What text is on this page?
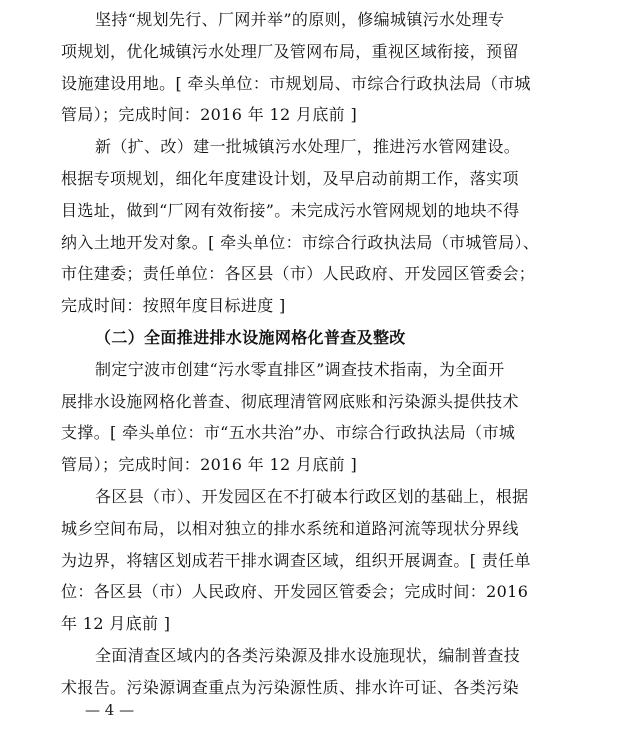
坚持“规划先行、厂网并举”的原则，修编城镇污水处理专
项规划，优化城镇污水处理厂及管网布局，重视区域衔接，预留
设施建设用地。[ 牵头单位：市规划局、市综合行政执法局（市城
管局）；完成时间：2016 年 12 月底前 ]
新（扩、改）建一批城镇污水处理厂，推进污水管网建设。
根据专项规划，细化年度建设计划，及早启动前期工作，落实项
目选址，做到“厂网有效衔接”。未完成污水管网规划的地块不得
纳入土地开发对象。[ 牵头单位：市综合行政执法局（市城管局）、
市住建委；责任单位：各区县（市）人民政府、开发园区管委会；
完成时间：按照年度目标进度 ]
（二）全面推进排水设施网格化普查及整改
制定宁波市创建“污水零直排区”调查技术指南，为全面开
展排水设施网格化普查、彻底理清管网底账和污染源头提供技术
支撑。[ 牵头单位：市“五水共治”办、市综合行政执法局（市城
管局）；完成时间：2016 年 12 月底前 ]
各区县（市）、开发园区在不打破本行政区划的基础上，根据
城乡空间布局，以相对独立的排水系统和道路河流等现状分界线
为边界，将辖区划成若干排水调查区域，组织开展调查。[ 责任单
位：各区县（市）人民政府、开发园区管委会；完成时间：2016
年 12 月底前 ]
全面清查区域内的各类污染源及排水设施现状，编制普查技
术报告。污染源调查重点为污染源性质、排水许可证、各类污染
— 4 —
